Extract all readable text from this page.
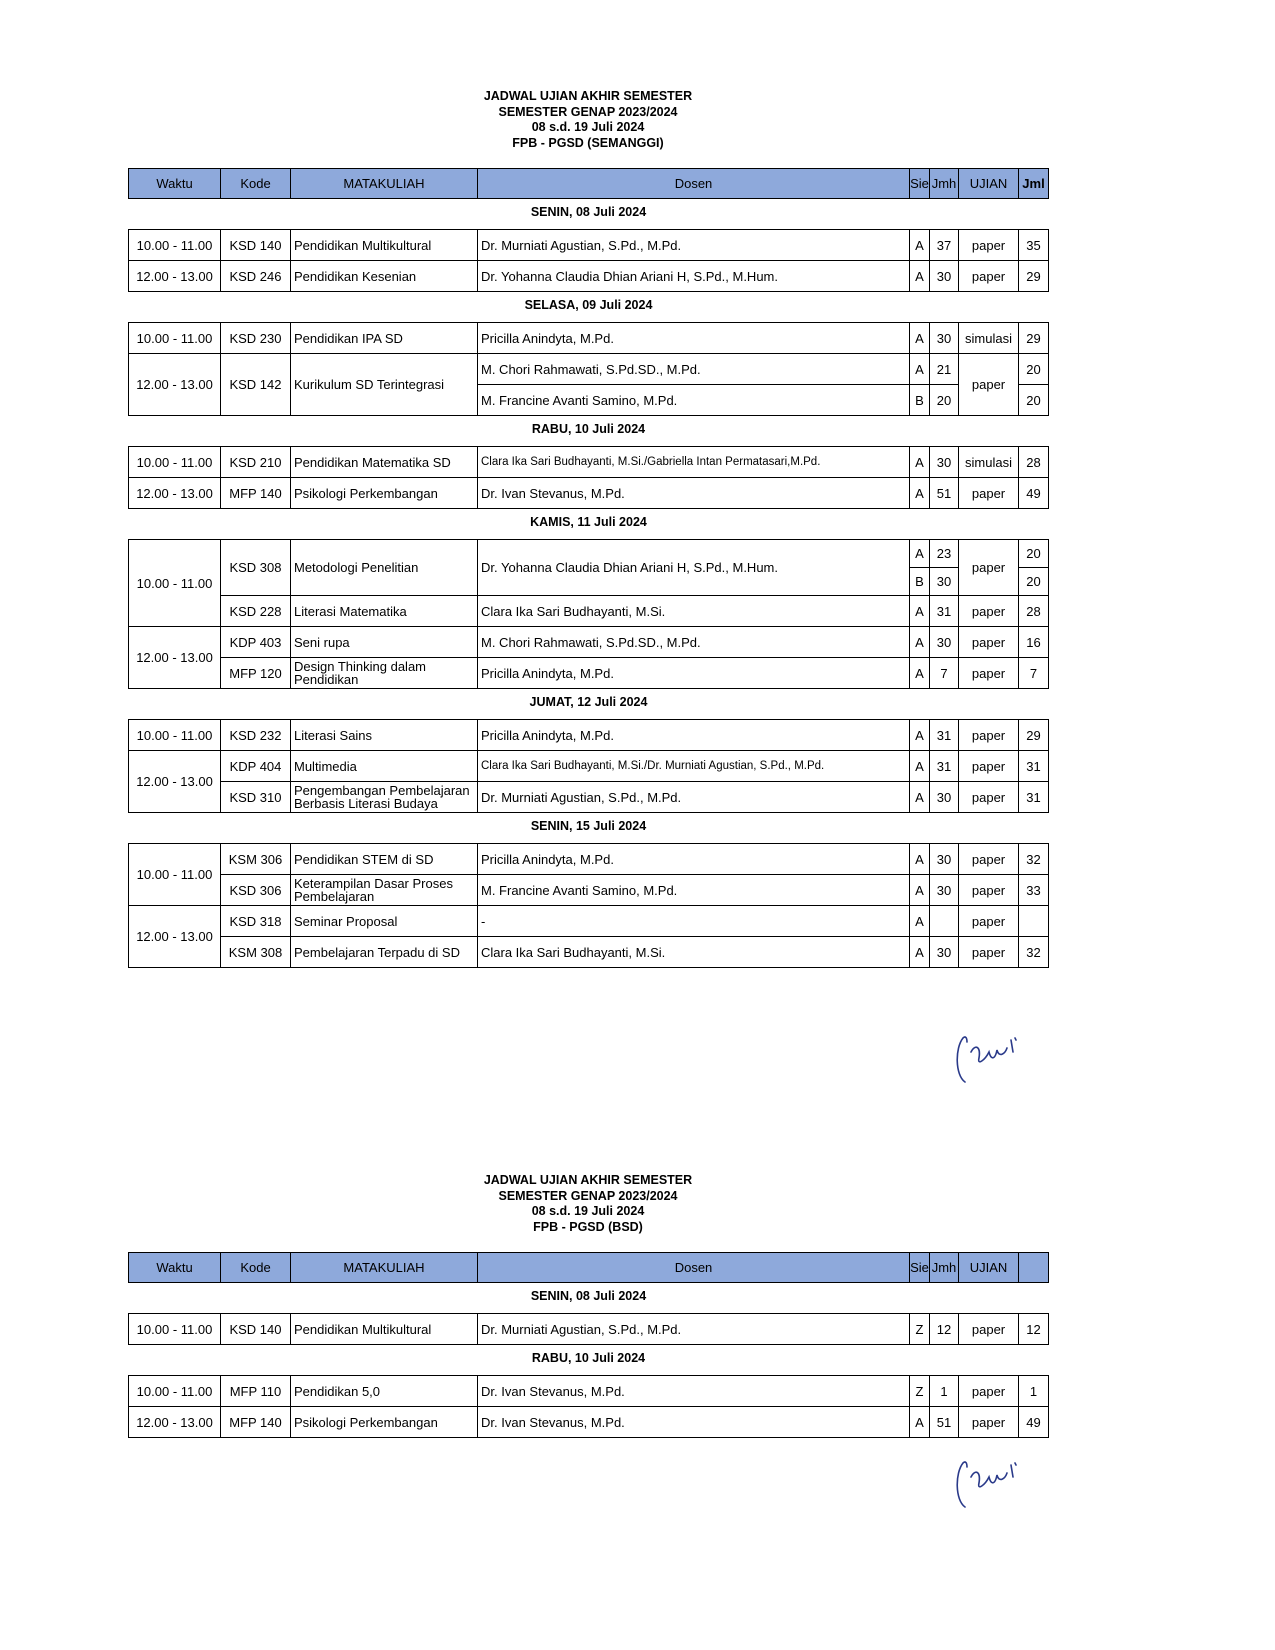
JADWAL UJIAN AKHIR SEMESTER
SEMESTER GENAP 2023/2024
08 s.d. 19 Juli 2024
FPB - PGSD (SEMANGGI)
Waktu	Kode	MATAKULIAH	Dosen	Sie	Jmh	UJIAN	Jml
SENIN, 08 Juli 2024							

10.00 - 11.00	KSD 140	Pendidikan Multikultural	Dr. Murniati Agustian, S.Pd., M.Pd.	A	37	paper	35
12.00 - 13.00	KSD 246	Pendidikan Kesenian	Dr. Yohanna Claudia Dhian Ariani H, S.Pd., M.Hum.	A	30	paper	29
SELASA, 09 Juli 2024							

10.00 - 11.00	KSD 230	Pendidikan IPA SD	Pricilla Anindyta, M.Pd.	A	30	simulasi	29
12.00 - 13.00	KSD 142	Kurikulum SD Terintegrasi	M. Chori Rahmawati, S.Pd.SD., M.Pd.	A	21	paper	20
			M. Francine Avanti Samino, M.Pd.	B	20		20
RABU, 10 Juli 2024							

10.00 - 11.00	KSD 210	Pendidikan Matematika SD	Clara Ika Sari Budhayanti, M.Si./Gabriella Intan Permatasari,M.Pd.	A	30	simulasi	28
12.00 - 13.00	MFP 140	Psikologi Perkembangan	Dr. Ivan Stevanus, M.Pd.	A	51	paper	49
KAMIS, 11 Juli 2024							

10.00 - 11.00	KSD 308	Metodologi Penelitian	Dr. Yohanna Claudia Dhian Ariani H, S.Pd., M.Hum.	A	23	paper	20
				B	30		20
	KSD 228	Literasi Matematika	Clara Ika Sari Budhayanti, M.Si.	A	31	paper	28
12.00 - 13.00	KDP 403	Seni rupa	M. Chori Rahmawati, S.Pd.SD., M.Pd.	A	30	paper	16
	MFP 120	Design Thinking dalam Pendidikan	Pricilla Anindyta, M.Pd.	A	7	paper	7
JUMAT, 12 Juli 2024							

10.00 - 11.00	KSD 232	Literasi Sains	Pricilla Anindyta, M.Pd.	A	31	paper	29
12.00 - 13.00	KDP 404	Multimedia	Clara Ika Sari Budhayanti, M.Si./Dr. Murniati Agustian, S.Pd., M.Pd.	A	31	paper	31
	KSD 310	Pengembangan Pembelajaran Berbasis Literasi Budaya	Dr. Murniati Agustian, S.Pd., M.Pd.	A	30	paper	31
SENIN, 15 Juli 2024							

10.00 - 11.00	KSM 306	Pendidikan STEM di SD	Pricilla Anindyta, M.Pd.	A	30	paper	32
	KSD 306	Keterampilan Dasar Proses Pembelajaran	M. Francine Avanti Samino, M.Pd.	A	30	paper	33
12.00 - 13.00	KSD 318	Seminar Proposal	-	A		paper	
	KSM 308	Pembelajaran Terpadu di SD	Clara Ika Sari Budhayanti, M.Si.	A	30	paper	32
JADWAL UJIAN AKHIR SEMESTER
SEMESTER GENAP 2023/2024
08 s.d. 19 Juli 2024
FPB - PGSD (BSD)
Waktu	Kode	MATAKULIAH	Dosen	Sie	Jmh	UJIAN	
SENIN, 08 Juli 2024							

10.00 - 11.00	KSD 140	Pendidikan Multikultural	Dr. Murniati Agustian, S.Pd., M.Pd.	Z	12	paper	12
RABU, 10 Juli 2024							

10.00 - 11.00	MFP 110	Pendidikan 5,0	Dr. Ivan Stevanus, M.Pd.	Z	1	paper	1
12.00 - 13.00	MFP 140	Psikologi Perkembangan	Dr. Ivan Stevanus, M.Pd.	A	51	paper	49
